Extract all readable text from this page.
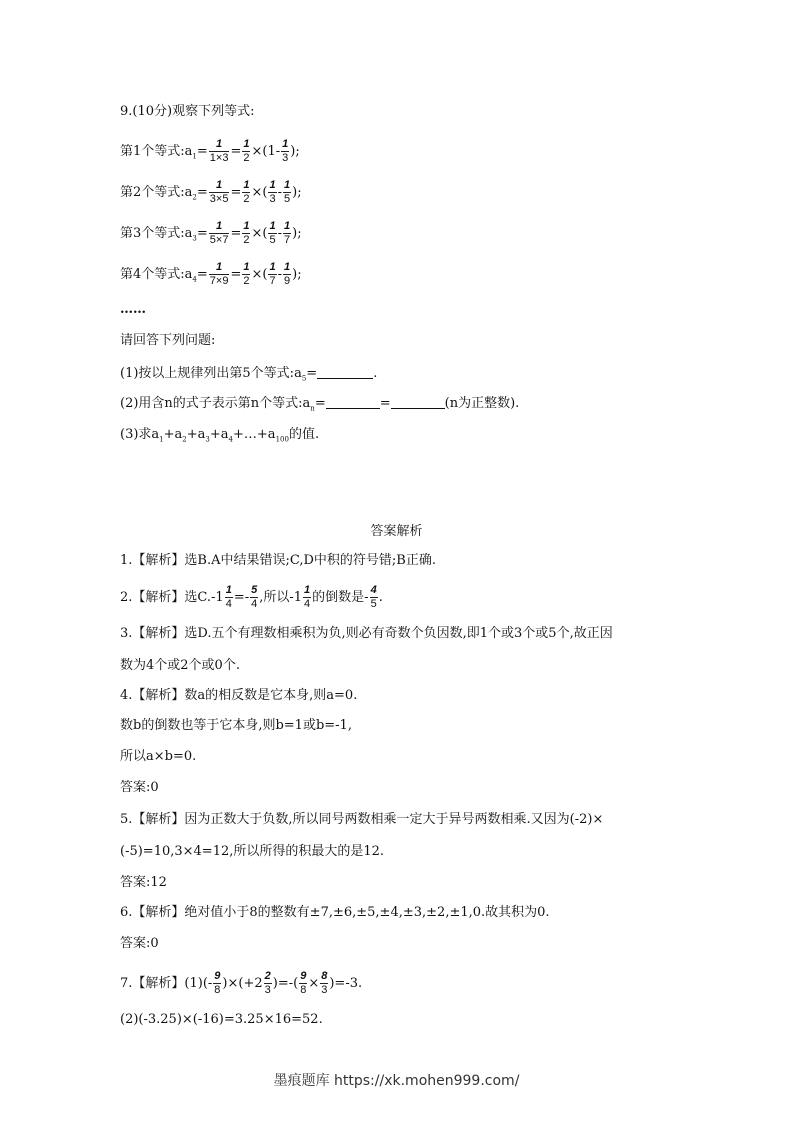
9.(10分)观察下列等式:
第1个等式$:a_1= \frac{1}{1\times 3} = \frac{1}{2} \times(1- \frac{1}{3}$ );
第2个等式$:a_2= \frac{1}{3\times 5} = \frac{1}{2}$ ×( $\frac{1}{3} - \frac{1}{5}$ );
第3个等式$:a_3= \frac{1}{5\times 7} = \frac{1}{2}$ ×( $\frac{1}{5} - \frac{1}{7}$ );
第4个等式$:a_4= \frac{1}{7\times 9} = \frac{1}{2}$ ×( $\frac{1}{7} - \frac{1}{9}$ );
……
请回答下列问题:
(1)按以上规律列出第5个等式$:a_5=$	.
(2)用含n的式子表示第n个等式$:a_n=$	=	(n为正整数).
(3)求$a_1+a_2+a_3+a_4+\dots+a_{100}$的值.
答案解析
1.【解析】选B.A中结果错误;C,D中积的符号错;B正确.
2.【解析】选$C.-1 \frac{1}{4} =- \frac{5}{4}$ ,所以$-1 \frac{1}{4}$ 的倒数是- $\frac{4}{5}$ .
3.【解析】选D.五个有理数相乘积为负,则必有奇数个负因数,即1个或3个或5个,故正因
数为4个或2个或0个.
4.【解析】数a的相反数是它本身,则a=0.
数b的倒数也等于它本身,则b=1或b=-1,
所以a×b=0.
答案:0
5.【解析】因为正数大于负数,所以同号两数相乘一定大于异号两数相乘.又因为(-2)×
(-5)=10,3×4=12,所以所得的积最大的是12.
答案:12
6.【解析】绝对值小于8的整数有±7,±6,±5,±4,±3,±2,±1,0.故其积为0.
答案:0
7.【解析】$(1)(- \frac{9}{8} )\times(+2 \frac{2}{3}$ )=-( $\frac{9}{8} \times \frac{8}{3} )=-3$.
(2)(-3.25)×(-16)=3.25×16=52.
墨痕题库 https://xk.mohen999.com/
